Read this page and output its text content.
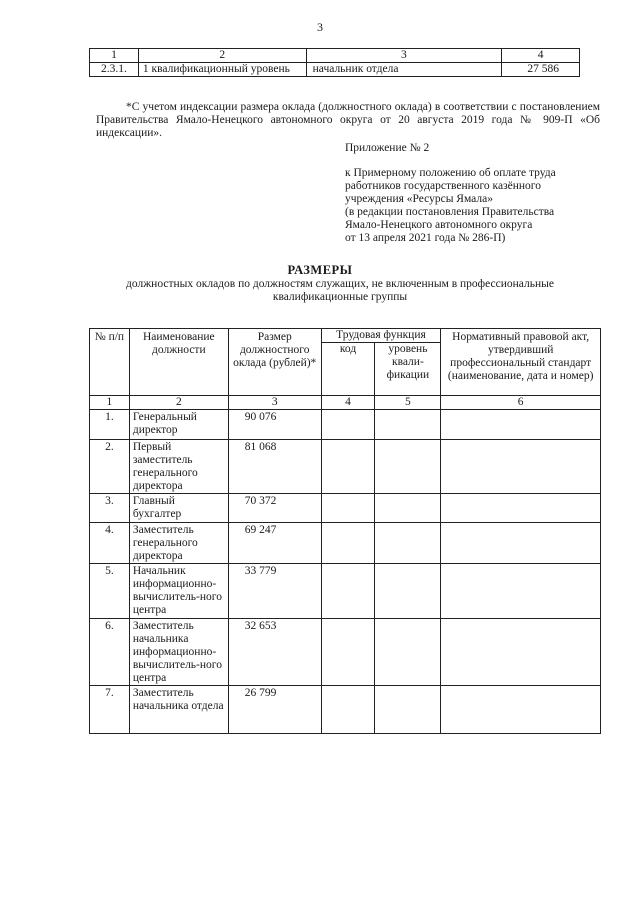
3
1	2	3	4
2.3.1.	1 квалификационный уровень	начальник отдела	27 586
*С учетом индексации размера оклада (должностного оклада) в соответствии с постановлением Правительства Ямало-Ненецкого автономного округа от 20 августа 2019 года № 909-П «Об индексации».
Приложение № 2
к Примерному положению об оплате труда
работников государственного казённого
учреждения «Ресурсы Ямала»
(в редакции постановления Правительства
Ямало-Ненецкого автономного округа
от 13 апреля 2021 года № 286-П)
РАЗМЕРЫ
должностных окладов по должностям служащих, не включенным в профессиональные
квалификационные группы
№ п/п	Наименование должности	Размер должностного оклада (рублей)*	Трудовая функция		Нормативный правовой акт, утвердивший профессиональный стандарт (наименование, дата и номер)
			код	уровень квали- фикации	
1	2	3	4	5	6
1.	Генеральный директор	90 076			
2.	Первый заместитель генерального директора	81 068			
3.	Главный бухгалтер	70 372			
4.	Заместитель генерального директора	69 247			
5.	Начальник информационно-вычислитель-ного центра	33 779			
6.	Заместитель начальника информационно-вычислитель-ного центра	32 653			
7.	Заместитель начальника отдела	26 799			
